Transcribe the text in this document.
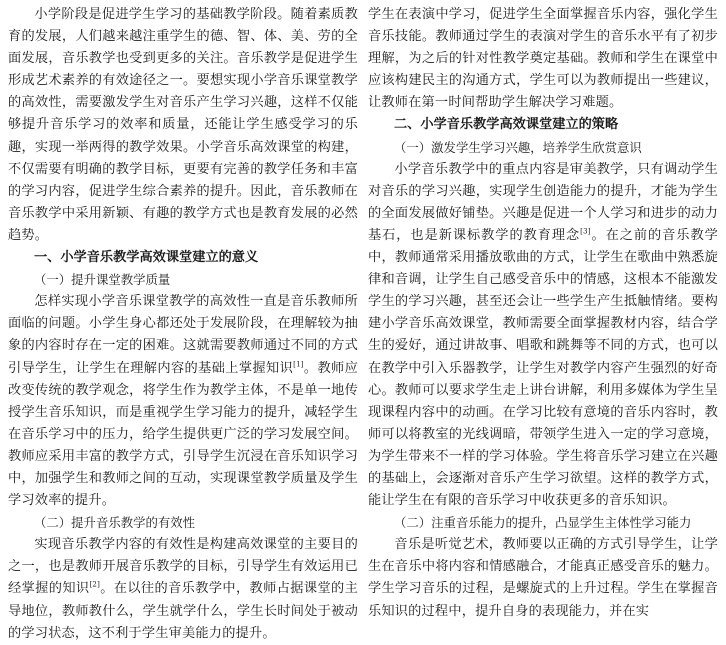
小学阶段是促进学生学习的基础教学阶段。随着素质教育的发展，人们越来越注重学生的德、智、体、美、劳的全面发展，音乐教学也受到更多的关注。音乐教学是促进学生形成艺术素养的有效途径之一。要想实现小学音乐课堂教学的高效性，需要激发学生对音乐产生学习兴趣，这样不仅能够提升音乐学习的效率和质量，还能让学生感受学习的乐趣，实现一举两得的教学效果。小学音乐高效课堂的构建，不仅需要有明确的教学目标，更要有完善的教学任务和丰富的学习内容，促进学生综合素养的提升。因此，音乐教师在音乐教学中采用新颖、有趣的教学方式也是教育发展的必然趋势。

一、小学音乐教学高效课堂建立的意义

（一）提升课堂教学质量

怎样实现小学音乐课堂教学的高效性一直是音乐教师所面临的问题。小学生身心都还处于发展阶段，在理解较为抽象的内容时存在一定的困难。这就需要教师通过不同的方式引导学生，让学生在理解内容的基础上掌握知识[1]。教师应改变传统的教学观念，将学生作为教学主体，不是单一地传授学生音乐知识，而是重视学生学习能力的提升，减轻学生在音乐学习中的压力，给学生提供更广泛的学习发展空间。教师应采用丰富的教学方式，引导学生沉浸在音乐知识学习中，加强学生和教师之间的互动，实现课堂教学质量及学生学习效率的提升。

（二）提升音乐教学的有效性

实现音乐教学内容的有效性是构建高效课堂的主要目的之一，也是教师开展音乐教学的目标，引导学生有效运用已经掌握的知识[2]。在以往的音乐教学中，教师占据课堂的主导地位，教师教什么，学生就学什么，学生长时间处于被动的学习状态，这不利于学生审美能力的提升。

学生在表演中学习，促进学生全面掌握音乐内容，强化学生音乐技能。教师通过学生的表演对学生的音乐水平有了初步理解，为之后的针对性教学奠定基础。教师和学生在课堂中应该构建民主的沟通方式，学生可以为教师提出一些建议，让教师在第一时间帮助学生解决学习难题。

二、小学音乐教学高效课堂建立的策略

（一）激发学生学习兴趣，培养学生欣赏意识

小学音乐教学中的重点内容是审美教学，只有调动学生对音乐的学习兴趣，实现学生创造能力的提升，才能为学生的全面发展做好铺垫。兴趣是促进一个人学习和进步的动力基石，也是新课标教学的教育理念[3]。在之前的音乐教学中，教师通常采用播放歌曲的方式，让学生在歌曲中熟悉旋律和音调，让学生自己感受音乐中的情感，这根本不能激发学生的学习兴趣，甚至还会让一些学生产生抵触情绪。要构建小学音乐高效课堂，教师需要全面掌握教材内容，结合学生的爱好，通过讲故事、唱歌和跳舞等不同的方式，也可以在教学中引入乐器教学，让学生对教学内容产生强烈的好奇心。教师可以要求学生走上讲台讲解，利用多媒体为学生呈现课程内容中的动画。在学习比较有意境的音乐内容时，教师可以将教室的光线调暗，带领学生进入一定的学习意境，为学生带来不一样的学习体验。学生将音乐学习建立在兴趣的基础上，会逐渐对音乐产生学习欲望。这样的教学方式，能让学生在有限的音乐学习中收获更多的音乐知识。

（二）注重音乐能力的提升，凸显学生主体性学习能力

音乐是听觉艺术，教师要以正确的方式引导学生，让学生在音乐中将内容和情感融合，才能真正感受音乐的魅力。学生学习音乐的过程，是螺旋式的上升过程。学生在掌握音乐知识的过程中，提升自身的表现能力，并在实
